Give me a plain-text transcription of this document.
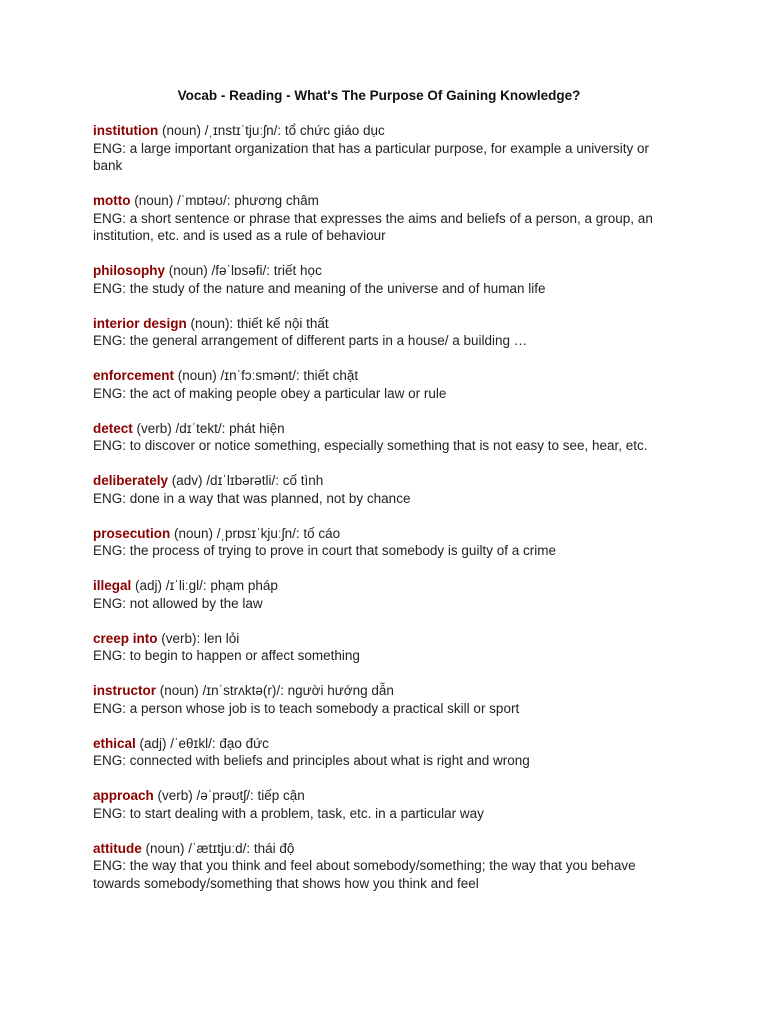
Vocab - Reading - What's The Purpose Of Gaining Knowledge?
institution (noun) /ˌɪnstɪˈtjuːʃn/: tổ chức giáo dục
ENG: a large important organization that has a particular purpose, for example a university or bank
motto (noun) /ˈmɒtəʊ/: phương châm
ENG: a short sentence or phrase that expresses the aims and beliefs of a person, a group, an institution, etc. and is used as a rule of behaviour
philosophy (noun) /fəˈlɒsəfi/: triết học
ENG: the study of the nature and meaning of the universe and of human life
interior design (noun): thiết kế nội thất
ENG: the general arrangement of different parts in a house/ a building …
enforcement (noun) /ɪnˈfɔːsmənt/: thiết chặt
ENG: the act of making people obey a particular law or rule
detect (verb) /dɪˈtekt/: phát hiện
ENG: to discover or notice something, especially something that is not easy to see, hear, etc.
deliberately (adv) /dɪˈlɪbərətli/: cố tình
ENG: done in a way that was planned, not by chance
prosecution (noun) /ˌprɒsɪˈkjuːʃn/: tố cáo
ENG: the process of trying to prove in court that somebody is guilty of a crime
illegal (adj) /ɪˈliːgl/: phạm pháp
ENG: not allowed by the law
creep into (verb): len lỏi
ENG: to begin to happen or affect something
instructor (noun) /ɪnˈstrʌktə(r)/: người hướng dẫn
ENG: a person whose job is to teach somebody a practical skill or sport
ethical (adj) /ˈeθɪkl/: đạo đức
ENG: connected with beliefs and principles about what is right and wrong
approach (verb) /əˈprəʊtʃ/: tiếp cận
ENG: to start dealing with a problem, task, etc. in a particular way
attitude (noun) /ˈætɪtjuːd/: thái độ
ENG: the way that you think and feel about somebody/something; the way that you behave towards somebody/something that shows how you think and feel
